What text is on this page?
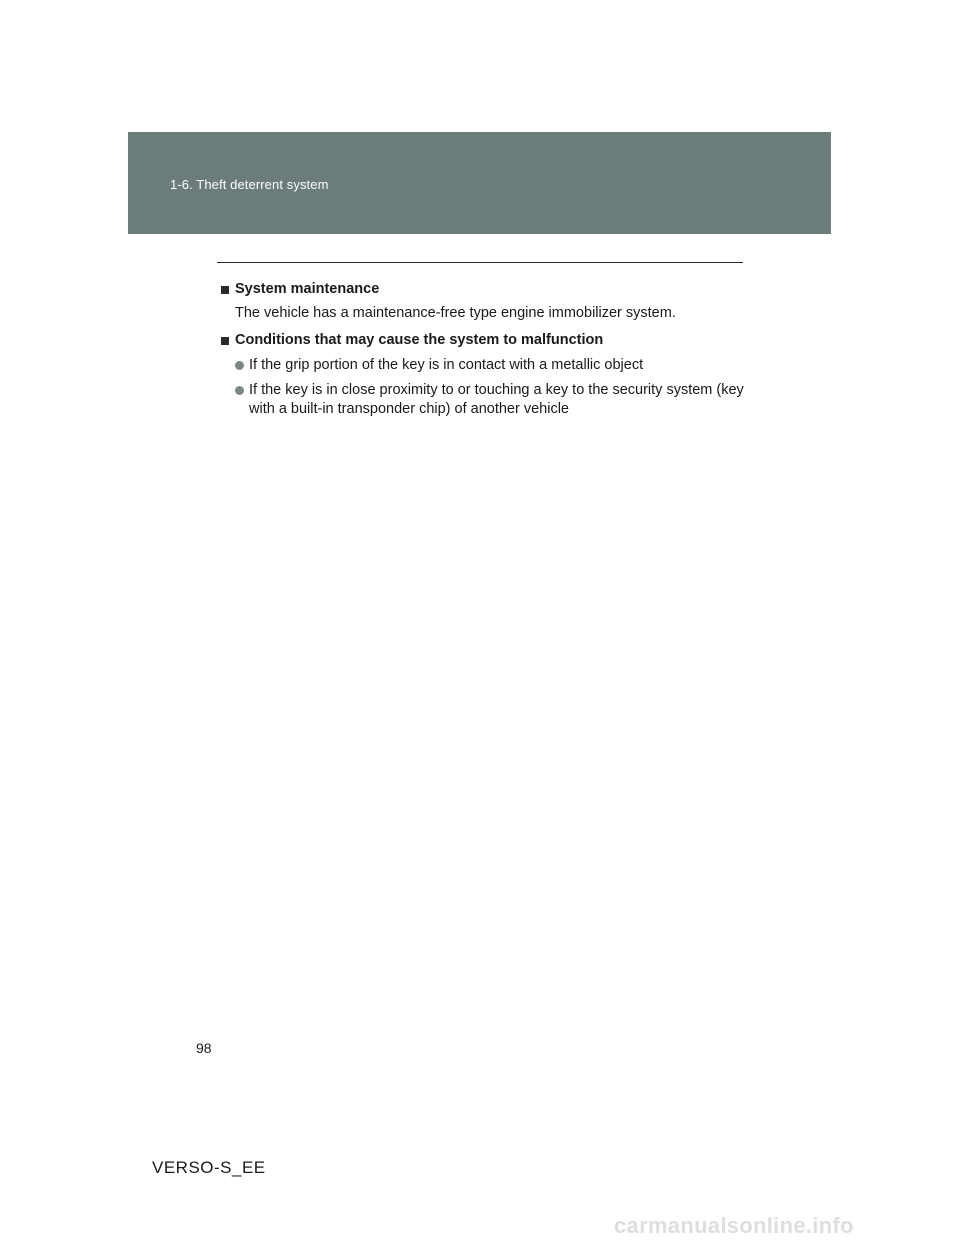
1-6. Theft deterrent system
System maintenance

The vehicle has a maintenance-free type engine immobilizer system.

Conditions that may cause the system to malfunction
If the grip portion of the key is in contact with a metallic object
If the key is in close proximity to or touching a key to the security system (key with a built-in transponder chip) of another vehicle
98
VERSO-S_EE
carmanualsonline.info
